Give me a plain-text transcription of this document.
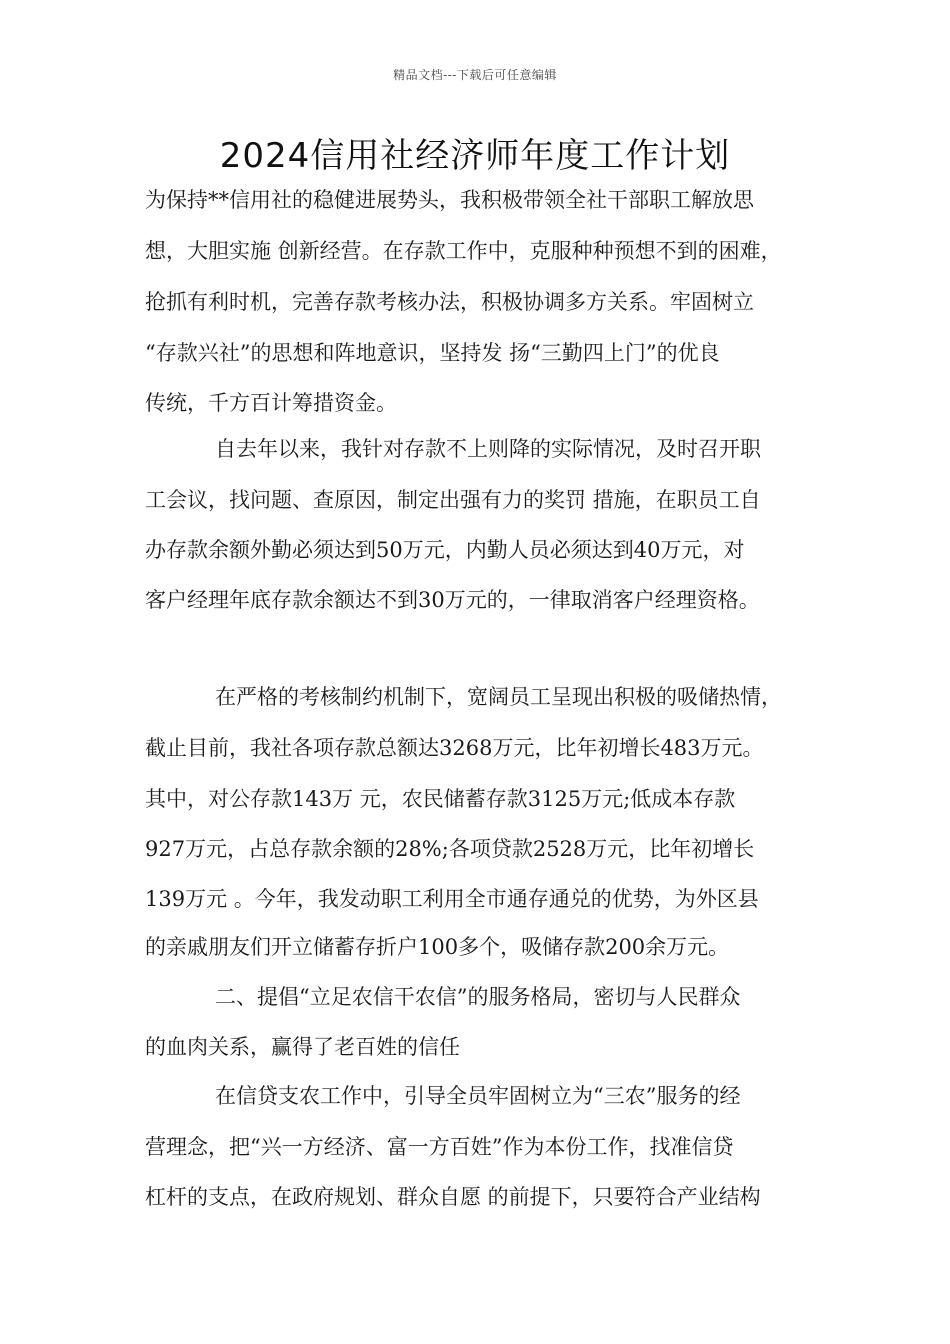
精品文档---下载后可任意编辑
2024信用社经济师年度工作计划
为保持**信用社的稳健进展势头，我积极带领全社干部职工解放思
想，大胆实施 创新经营。在存款工作中，克服种种预想不到的困难，
抢抓有利时机，完善存款考核办法，积极协调多方关系。牢固树立
“存款兴社”的思想和阵地意识，坚持发 扬“三勤四上门”的优良
传统，千方百计筹措资金。
自去年以来，我针对存款不上则降的实际情况，及时召开职
工会议，找问题、查原因，制定出强有力的奖罚 措施，在职员工自
办存款余额外勤必须达到50万元，内勤人员必须达到40万元，对
客户经理年底存款余额达不到30万元的，一律取消客户经理资格。
在严格的考核制约机制下，宽阔员工呈现出积极的吸储热情，
截止目前，我社各项存款总额达3268万元，比年初增长483万元。
其中，对公存款143万 元，农民储蓄存款3125万元;低成本存款
927万元，占总存款余额的28%;各项贷款2528万元，比年初增长
139万元 。今年，我发动职工利用全市通存通兑的优势，为外区县
的亲戚朋友们开立储蓄存折户100多个，吸储存款200余万元。
二、提倡“立足农信干农信”的服务格局，密切与人民群众
的血肉关系，赢得了老百姓的信任
在信贷支农工作中，引导全员牢固树立为“三农”服务的经
营理念，把“兴一方经济、富一方百姓”作为本份工作，找准信贷
杠杆的支点，在政府规划、群众自愿 的前提下，只要符合产业结构
